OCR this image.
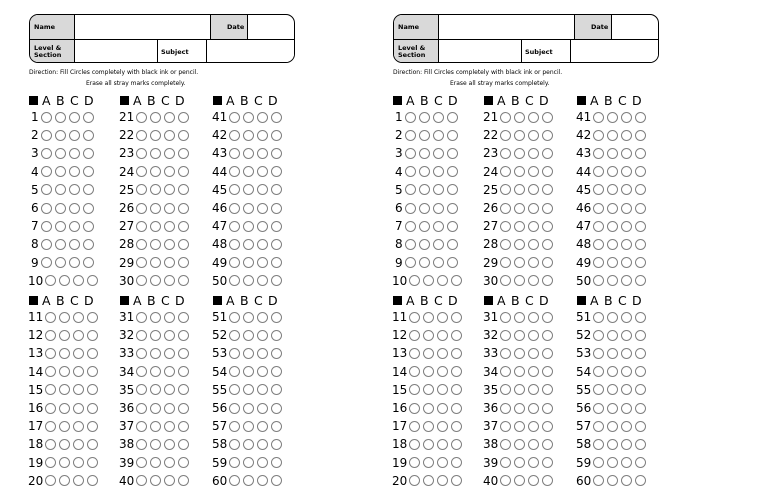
Name	Date
Level & Section	Subject
Direction: Fill Circles completely with black ink or pencil.
Erase all stray marks completely.
A B C D
1
2
3
4
5
6
7
8
9
10
A B C D
21
22
23
24
25
26
27
28
29
30
A B C D
41
42
43
44
45
46
47
48
49
50
A B C D
11
12
13
14
15
16
17
18
19
20
A B C D
31
32
33
34
35
36
37
38
39
40
A B C D
51
52
53
54
55
56
57
58
59
60
Name	Date
Level & Section	Subject
Direction: Fill Circles completely with black ink or pencil.
Erase all stray marks completely.
A B C D
1
2
3
4
5
6
7
8
9
10
A B C D
21
22
23
24
25
26
27
28
29
30
A B C D
41
42
43
44
45
46
47
48
49
50
A B C D
11
12
13
14
15
16
17
18
19
20
A B C D
31
32
33
34
35
36
37
38
39
40
A B C D
51
52
53
54
55
56
57
58
59
60
